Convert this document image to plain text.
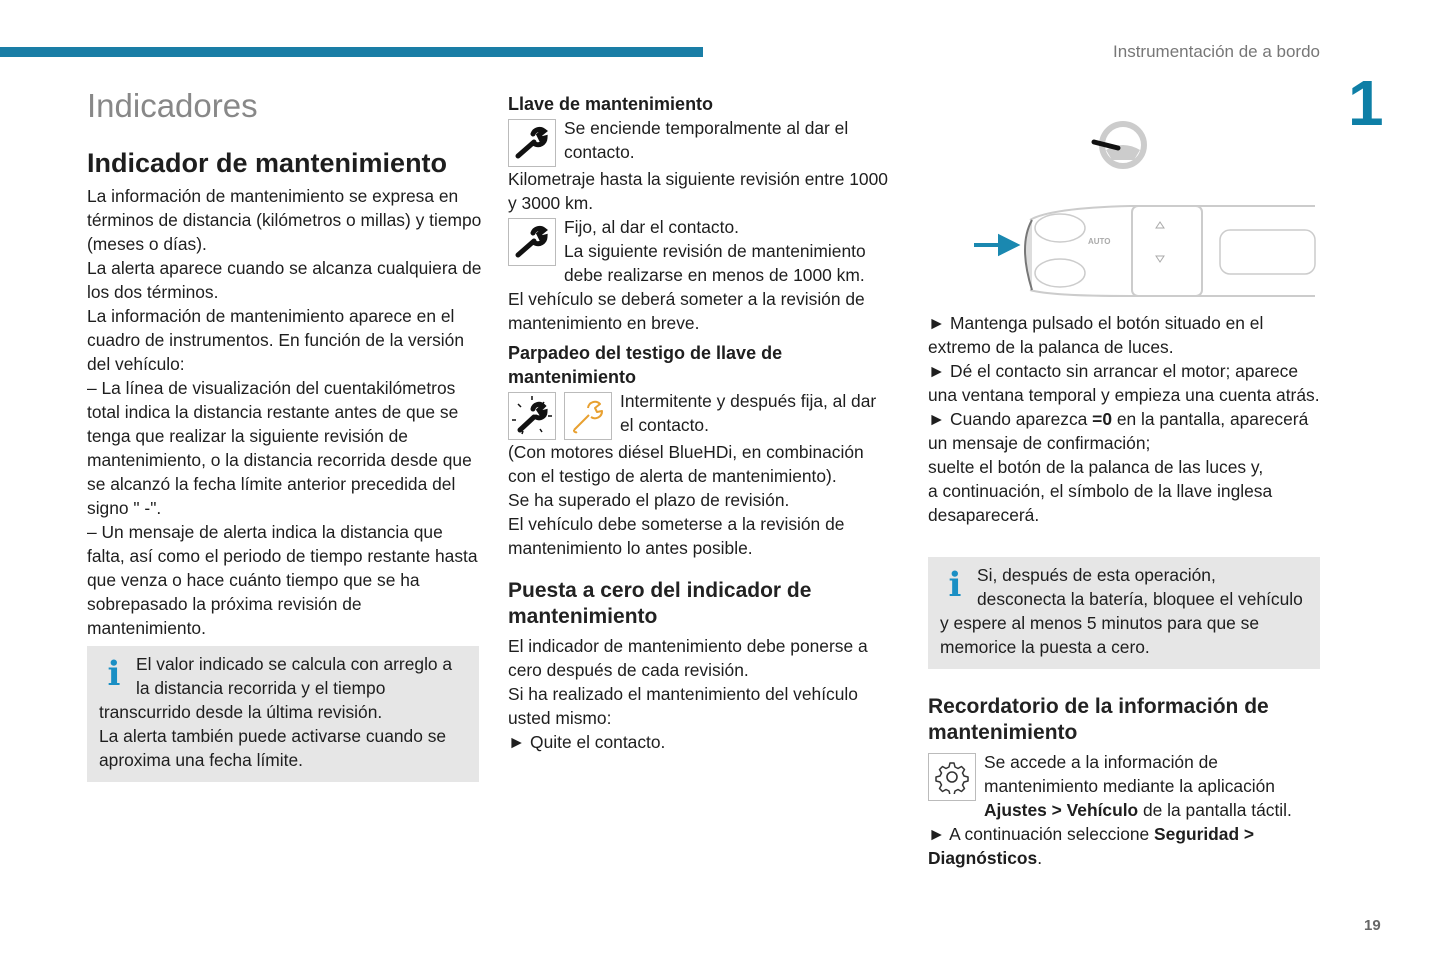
Instrumentación de a bordo
1
19
Indicadores
Indicador de mantenimiento

La información de mantenimiento se expresa en términos de distancia (kilómetros o millas) y tiempo (meses o días).

La alerta aparece cuando se alcanza cualquiera de los dos términos.

La información de mantenimiento aparece en el cuadro de instrumentos. En función de la versión del vehículo:

– La línea de visualización del cuentakilómetros total indica la distancia restante antes de que se tenga que realizar la siguiente revisión de mantenimiento, o la distancia recorrida desde que se alcanzó la fecha límite anterior precedida del signo " -".

– Un mensaje de alerta indica la distancia que falta, así como el periodo de tiempo restante hasta que venza o hace cuánto tiempo que se ha sobrepasado la próxima revisión de mantenimiento.

i El valor indicado se calcula con arreglo a la distancia recorrida y el tiempo transcurrido desde la última revisión.

La alerta también puede activarse cuando se aproxima una fecha límite.

Llave de mantenimiento

Se enciende temporalmente al dar el contacto.

Kilometraje hasta la siguiente revisión entre 1000 y 3000 km.

Fijo, al dar el contacto.

La siguiente revisión de mantenimiento debe realizarse en menos de 1000 km.

El vehículo se deberá someter a la revisión de mantenimiento en breve.

Parpadeo del testigo de llave de mantenimiento

Intermitente y después fija, al dar el contacto.

(Con motores diésel BlueHDi, en combinación con el testigo de alerta de mantenimiento).

Se ha superado el plazo de revisión.

El vehículo debe someterse a la revisión de mantenimiento lo antes posible.

Puesta a cero del indicador de mantenimiento

El indicador de mantenimiento debe ponerse a cero después de cada revisión.

Si ha realizado el mantenimiento del vehículo usted mismo:

► Quite el contacto.

AUTO

► Mantenga pulsado el botón situado en el extremo de la palanca de luces.

► Dé el contacto sin arrancar el motor; aparece una ventana temporal y empieza una cuenta atrás.

► Cuando aparezca =0 en la pantalla, aparecerá un mensaje de confirmación;

suelte el botón de la palanca de las luces y,

a continuación, el símbolo de la llave inglesa desaparecerá.

i Si, después de esta operación, desconecta la batería, bloquee el vehículo y espere al menos 5 minutos para que se memorice la puesta a cero.

Recordatorio de la información de mantenimiento

Se accede a la información de mantenimiento mediante la aplicación Ajustes > Vehículo de la pantalla táctil.

► A continuación seleccione Seguridad > Diagnósticos.
